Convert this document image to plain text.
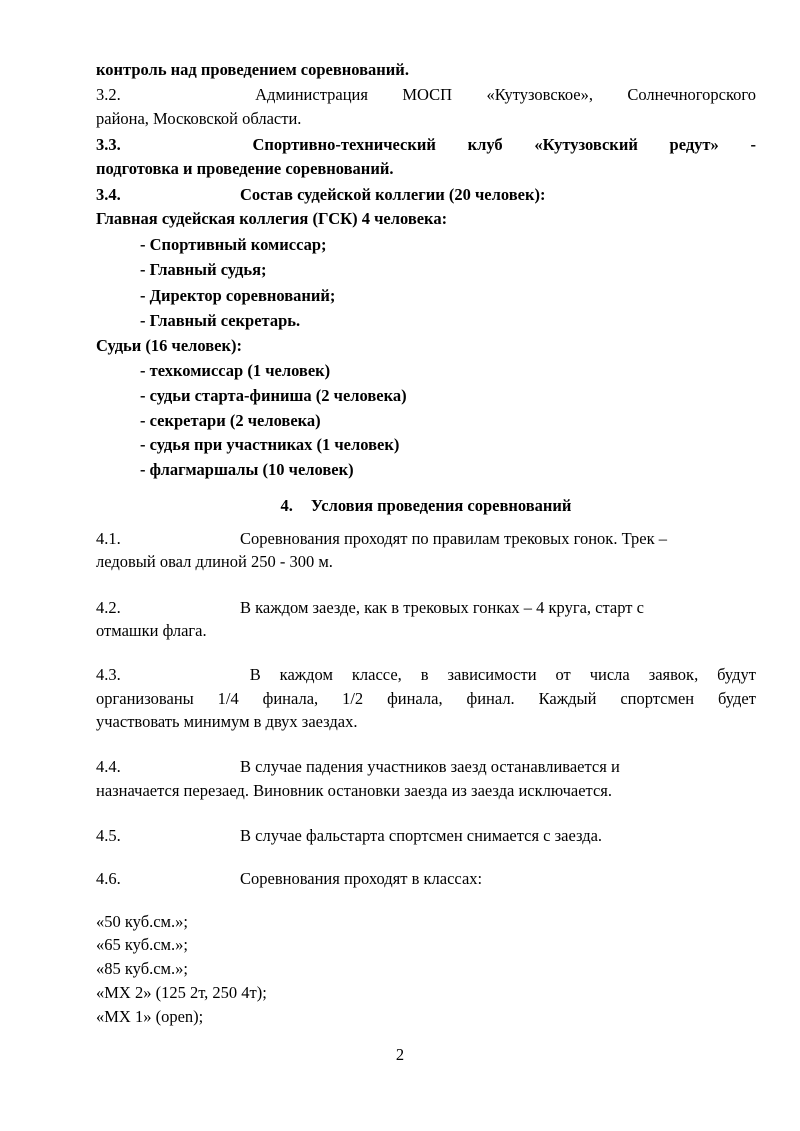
контроль над проведением соревнований.
3.2.	Администрация МОСП «Кутузовское», Солнечногорского
района, Московской области.
3.3.	Спортивно-технический клуб «Кутузовский редут» -
подготовка и проведение соревнований.
3.4.	Состав судейской коллегии (20 человек):
Главная судейская коллегия (ГСК) 4 человека:
- Спортивный комиссар;
- Главный судья;
- Директор соревнований;
- Главный секретарь.
Судьи (16 человек):
- техкомиссар (1 человек)
- судьи старта-финиша (2 человека)
- секретари (2 человека)
- судья при участниках (1 человек)
- флагмаршалы (10 человек)
4. Условия проведения соревнований
4.1.	Соревнования проходят по правилам трековых гонок. Трек –
ледовый овал длиной 250 - 300 м.
4.2.	В каждом заезде, как в трековых гонках – 4 круга, старт с
отмашки флага.
4.3.	В каждом классе, в зависимости от числа заявок, будут
организованы 1/4 финала, 1/2 финала, финал. Каждый спортсмен будет
участвовать минимум в двух заездах.
4.4.	В случае падения участников заезд останавливается и
назначается перезаед. Виновник остановки заезда из заезда исключается.
4.5.	В случае фальстарта спортсмен снимается с заезда.
4.6.	Соревнования проходят в классах:
«50 куб.см.»;
«65 куб.см.»;
«85 куб.см.»;
«МХ 2» (125 2т, 250 4т);
«МХ 1» (open);
2
